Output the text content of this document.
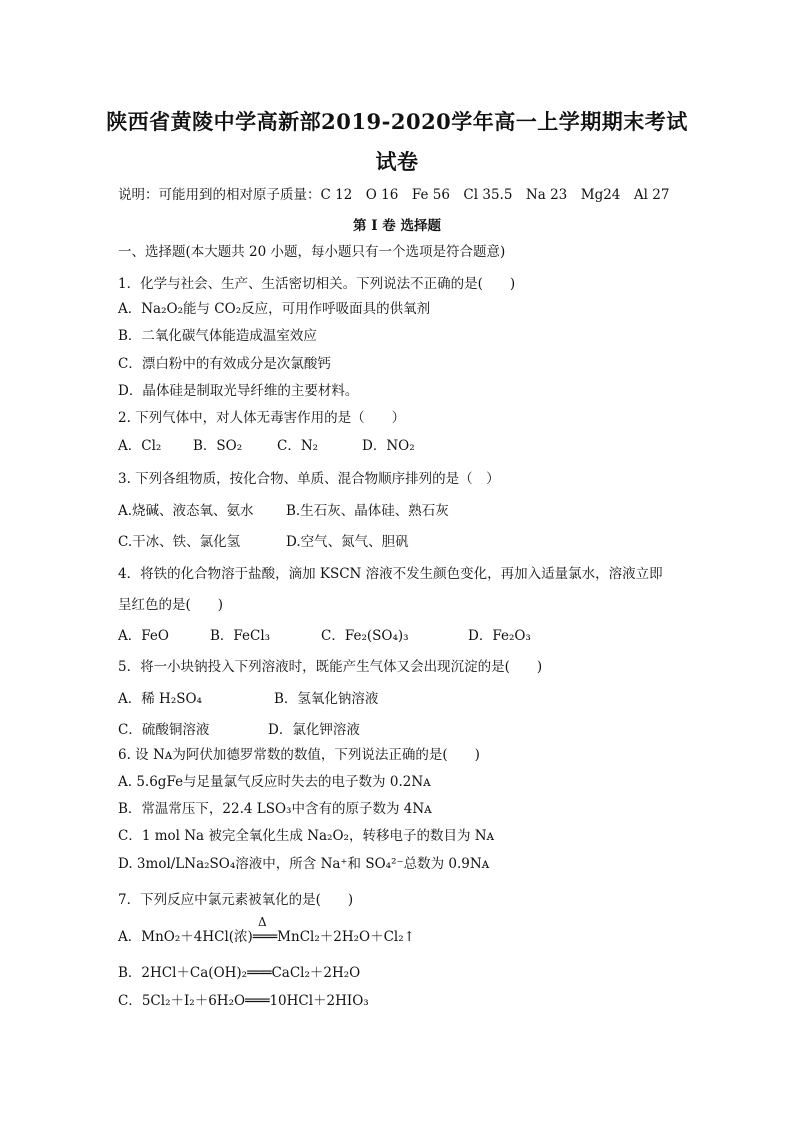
陕西省黄陵中学高新部2019-2020学年高一上学期期末考试
试卷
说明：可能用到的相对原子质量：C 12　O 16　Fe 56　Cl 35.5　Na 23　Mg24　Al 27
第 I 卷 选择题
一、选择题(本大题共 20 小题，每小题只有一个选项是符合题意)
1．化学与社会、生产、生活密切相关。下列说法不正确的是(　　)
A．Na₂O₂能与 CO₂反应，可用作呼吸面具的供氧剂
B．二氧化碳气体能造成温室效应
C．漂白粉中的有效成分是次氯酸钙
D．晶体硅是制取光导纤维的主要材料。
2. 下列气体中，对人体无毒害作用的是（　　）
A．Cl₂ B．SO₂	C．N₂	D．NO₂
3. 下列各组物质，按化合物、单质、混合物顺序排列的是（　）
A.烧碱、液态氧、氨水 B.生石灰、晶体硅、熟石灰
C.干冰、铁、氯化氢	D.空气、氮气、胆矾
4．将铁的化合物溶于盐酸，滴加 KSCN 溶液不发生颜色变化，再加入适量氯水，溶液立即
呈红色的是(　　)
A．FeO	B．FeCl₃	C．Fe₂(SO₄)₃	D．Fe₂O₃
5．将一小块钠投入下列溶液时，既能产生气体又会出现沉淀的是(　　)
A．稀 H₂SO₄	B．氢氧化钠溶液
C．硫酸铜溶液	D．氯化钾溶液
6. 设 Nᴀ为阿伏加德罗常数的数值，下列说法正确的是(　　)
A. 5.6gFe与足量氯气反应时失去的电子数为 0.2Nᴀ
B．常温常压下，22.4 LSO₃中含有的原子数为 4Nᴀ
C．1 mol Na 被完全氧化生成 Na₂O₂，转移电子的数目为 Nᴀ
D. 3mol/LNa₂SO₄溶液中，所含 Na⁺和 SO₄²⁻总数为 0.9Nᴀ
7．下列反应中氯元素被氧化的是(　　)
Δ
A．MnO₂＋4HCl(浓)═══MnCl₂＋2H₂O＋Cl₂↑
B．2HCl＋Ca(OH)₂═══CaCl₂＋2H₂O
C．5Cl₂＋I₂＋6H₂O═══10HCl＋2HIO₃
